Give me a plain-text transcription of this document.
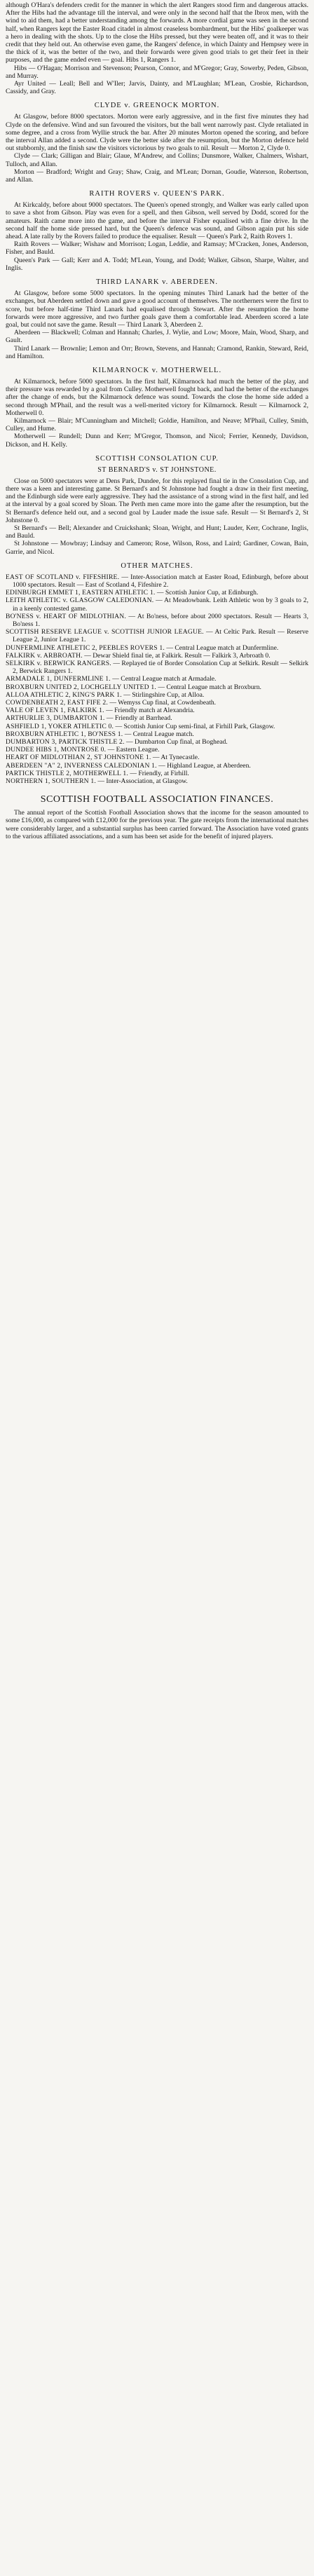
although O'Hara's defenders credit for the manner in which the alert Rangers stood firm and dangerous attacks. After the Hibs had the advantage till the interval, and were only in the second half that the Ibrox men, with the wind to aid them, had a better understanding among the forwards. A more cordial game was seen in the second half, when Rangers kept the Easter Road citadel in almost ceaseless bombardment, but the Hibs' goalkeeper was a hero in dealing with the shots. Up to the close the Hibs pressed, but they were beaten off, and it was to their credit that they held out. An otherwise even game, the Rangers' defence, in which Dainty and Hempsey were in the thick of it, was the better of the two, and their forwards were given good trials to get their feet in their purposes, and the game ended even — goal. Hibs 1, Rangers 1.

Hibs — O'Hagan; Morrison and Stevenson; Pearson, Connor, and M'Gregor; Gray, Sowerby, Peden, Gibson, and Murray.

Ayr United — Leall; Bell and W'Iler; Jarvis, Dainty, and M'Laughlan; M'Lean, Crosbie, Richardson, Cassidy, and Gray.

CLYDE v. GREENOCK MORTON.

At Glasgow, before 8000 spectators. Morton were early aggressive, and in the first five minutes they had Clyde on the defensive. Wind and sun favoured the visitors, but the ball went narrowly past. Clyde retaliated in some degree, and a cross from Wyllie struck the bar. After 20 minutes Morton opened the scoring, and before the interval Allan added a second. Clyde were the better side after the resumption, but the Morton defence held out stubbornly, and the finish saw the visitors victorious by two goals to nil. Result — Morton 2, Clyde 0.

Clyde — Clark; Gilligan and Blair; Glaue, M'Andrew, and Collins; Dunsmore, Walker, Chalmers, Wishart, Tulloch, and Allan.

Morton — Bradford; Wright and Gray; Shaw, Craig, and M'Lean; Dornan, Goudie, Waterson, Robertson, and Allan.

RAITH ROVERS v. QUEEN'S PARK.

At Kirkcaldy, before about 9000 spectators. The Queen's opened strongly, and Walker was early called upon to save a shot from Gibson. Play was even for a spell, and then Gibson, well served by Dodd, scored for the amateurs. Raith came more into the game, and before the interval Fisher equalised with a fine drive. In the second half the home side pressed hard, but the Queen's defence was sound, and Gibson again put his side ahead. A late rally by the Rovers failed to produce the equaliser. Result — Queen's Park 2, Raith Rovers 1.

Raith Rovers — Walker; Wishaw and Morrison; Logan, Leddie, and Ramsay; M'Cracken, Jones, Anderson, Fisher, and Bauld.

Queen's Park — Gall; Kerr and A. Todd; M'Lean, Young, and Dodd; Walker, Gibson, Sharpe, Walter, and Inglis.

THIRD LANARK v. ABERDEEN.

At Glasgow, before some 5000 spectators. In the opening minutes Third Lanark had the better of the exchanges, but Aberdeen settled down and gave a good account of themselves. The northerners were the first to score, but before half-time Third Lanark had equalised through Stewart. After the resumption the home forwards were more aggressive, and two further goals gave them a comfortable lead. Aberdeen scored a late goal, but could not save the game. Result — Third Lanark 3, Aberdeen 2.

Aberdeen — Blackwell; Colman and Hannah; Charles, J. Wylie, and Low; Moore, Main, Wood, Sharp, and Gault.

Third Lanark — Brownlie; Lemon and Orr; Brown, Stevens, and Hannah; Cramond, Rankin, Steward, Reid, and Hamilton.

KILMARNOCK v. MOTHERWELL.

At Kilmarnock, before 5000 spectators. In the first half, Kilmarnock had much the better of the play, and their pressure was rewarded by a goal from Culley. Motherwell fought back, and had the better of the exchanges after the change of ends, but the Kilmarnock defence was sound. Towards the close the home side added a second through M'Phail, and the result was a well-merited victory for Kilmarnock. Result — Kilmarnock 2, Motherwell 0.

Kilmarnock — Blair; M'Cunningham and Mitchell; Goldie, Hamilton, and Neave; M'Phail, Culley, Smith, Culley, and Hume.

Motherwell — Rundell; Dunn and Kerr; M'Gregor, Thomson, and Nicol; Ferrier, Kennedy, Davidson, Dickson, and H. Kelly.

SCOTTISH CONSOLATION CUP.
ST BERNARD'S v. ST JOHNSTONE.

Close on 5000 spectators were at Dens Park, Dundee, for this replayed final tie in the Consolation Cup, and there was a keen and interesting game. St Bernard's and St Johnstone had fought a draw in their first meeting, and the Edinburgh side were early aggressive. They had the assistance of a strong wind in the first half, and led at the interval by a goal scored by Sloan. The Perth men came more into the game after the resumption, but the St Bernard's defence held out, and a second goal by Lauder made the issue safe. Result — St Bernard's 2, St Johnstone 0.

St Bernard's — Bell; Alexander and Cruickshank; Sloan, Wright, and Hunt; Lauder, Kerr, Cochrane, Inglis, and Bauld.

St Johnstone — Mowbray; Lindsay and Cameron; Rose, Wilson, Ross, and Laird; Gardiner, Cowan, Bain, Garrie, and Nicol.

OTHER MATCHES.

EAST OF SCOTLAND v. FIFESHIRE. — Inter-Association match at Easter Road, Edinburgh, before about 1000 spectators. Result — East of Scotland 4, Fifeshire 2.

EDINBURGH EMMET 1, EASTERN ATHLETIC 1. — Scottish Junior Cup, at Edinburgh.

LEITH ATHLETIC v. GLASGOW CALEDONIAN. — At Meadowbank. Leith Athletic won by 3 goals to 2, in a keenly contested game.

BO'NESS v. HEART OF MIDLOTHIAN. — At Bo'ness, before about 2000 spectators. Result — Hearts 3, Bo'ness 1.

SCOTTISH RESERVE LEAGUE v. SCOTTISH JUNIOR LEAGUE. — At Celtic Park. Result — Reserve League 2, Junior League 1.

DUNFERMLINE ATHLETIC 2, PEEBLES ROVERS 1. — Central League match at Dunfermline.

FALKIRK v. ARBROATH. — Dewar Shield final tie, at Falkirk. Result — Falkirk 3, Arbroath 0.

SELKIRK v. BERWICK RANGERS. — Replayed tie of Border Consolation Cup at Selkirk. Result — Selkirk 2, Berwick Rangers 1.

ARMADALE 1, DUNFERMLINE 1. — Central League match at Armadale.

BROXBURN UNITED 2, LOCHGELLY UNITED 1. — Central League match at Broxburn.

ALLOA ATHLETIC 2, KING'S PARK 1. — Stirlingshire Cup, at Alloa.

COWDENBEATH 2, EAST FIFE 2. — Wemyss Cup final, at Cowdenbeath.

VALE OF LEVEN 1, FALKIRK 1. — Friendly match at Alexandria.

ARTHURLIE 3, DUMBARTON 1. — Friendly at Barrhead.

ASHFIELD 1, YOKER ATHLETIC 0. — Scottish Junior Cup semi-final, at Firhill Park, Glasgow.

BROXBURN ATHLETIC 1, BO'NESS 1. — Central League match.

DUMBARTON 3, PARTICK THISTLE 2. — Dumbarton Cup final, at Boghead.

DUNDEE HIBS 1, MONTROSE 0. — Eastern League.

HEART OF MIDLOTHIAN 2, ST JOHNSTONE 1. — At Tynecastle.

ABERDEEN "A" 2, INVERNESS CALEDONIAN 1. — Highland League, at Aberdeen.

PARTICK THISTLE 2, MOTHERWELL 1. — Friendly, at Firhill.

NORTHERN 1, SOUTHERN 1. — Inter-Association, at Glasgow.

SCOTTISH FOOTBALL ASSOCIATION FINANCES.

The annual report of the Scottish Football Association shows that the income for the season amounted to some £16,000, as compared with £12,000 for the previous year. The gate receipts from the international matches were considerably larger, and a substantial surplus has been carried forward. The Association have voted grants to the various affiliated associations, and a sum has been set aside for the benefit of injured players.
